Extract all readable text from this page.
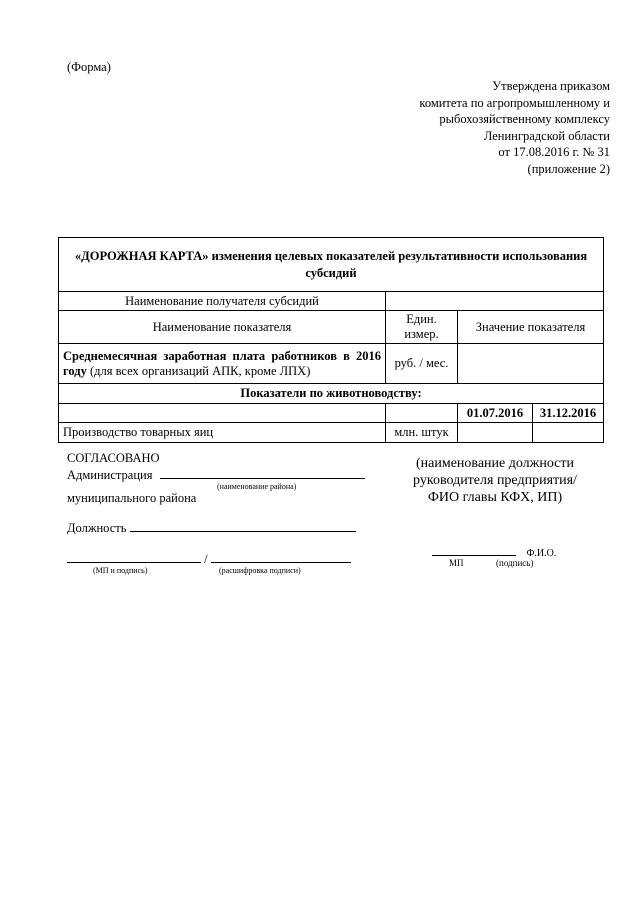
(Форма)
Утверждена приказом
комитета по агропромышленному и
рыбохозяйственному комплексу
Ленинградской области
от 17.08.2016 г. № 31
(приложение 2)
«ДОРОЖНАЯ КАРТА» изменения целевых показателей результативности использования субсидий			
Наименование получателя субсидий			
Наименование показателя	Един. измер.	Значение показателя	
Среднемесячная заработная плата работников в 2016 году (для всех организаций АПК, кроме ЛПХ)	руб. / мес.		
Показатели по животноводству:			
		01.07.2016	31.12.2016
Производство товарных яиц	млн. штук		
СОГЛАСОВАНО
Администрация
(наименование района)
муниципального района
Должность
/
(МП и подпись)	(расшифровка подписи)
(наименование должности руководителя предприятия/ ФИО главы КФХ, ИП)
Ф.И.О.
МП	(подпись)
